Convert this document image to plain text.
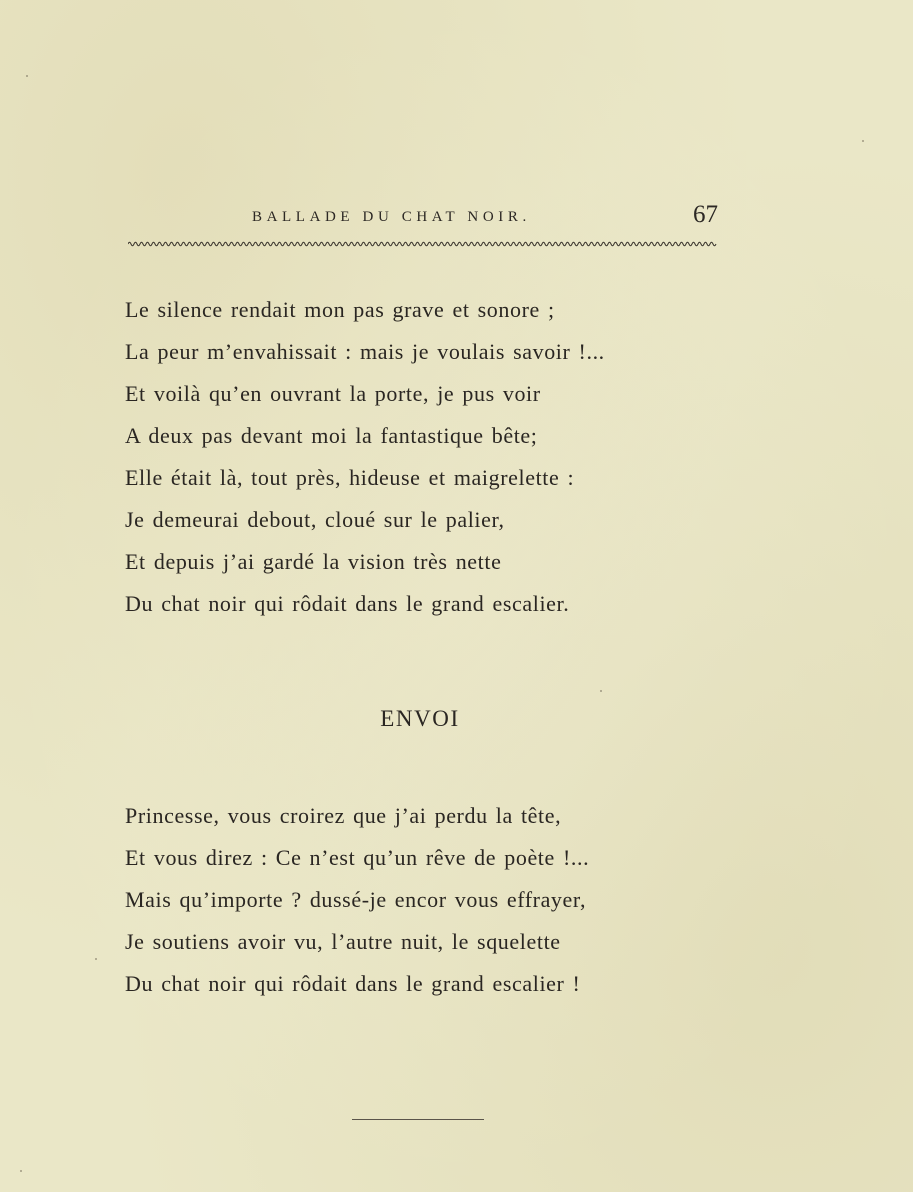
BALLADE DU CHAT NOIR.	67
Le silence rendait mon pas grave et sonore ;
La peur m’envahissait : mais je voulais savoir !...
Et voilà qu’en ouvrant la porte, je pus voir
A deux pas devant moi la fantastique bête;
Elle était là, tout près, hideuse et maigrelette :
Je demeurai debout, cloué sur le palier,
Et depuis j’ai gardé la vision très nette
Du chat noir qui rôdait dans le grand escalier.
ENVOI
Princesse, vous croirez que j’ai perdu la tête,
Et vous direz : Ce n’est qu’un rêve de poète !...
Mais qu’importe ? dussé-je encor vous effrayer,
Je soutiens avoir vu, l’autre nuit, le squelette
Du chat noir qui rôdait dans le grand escalier !
